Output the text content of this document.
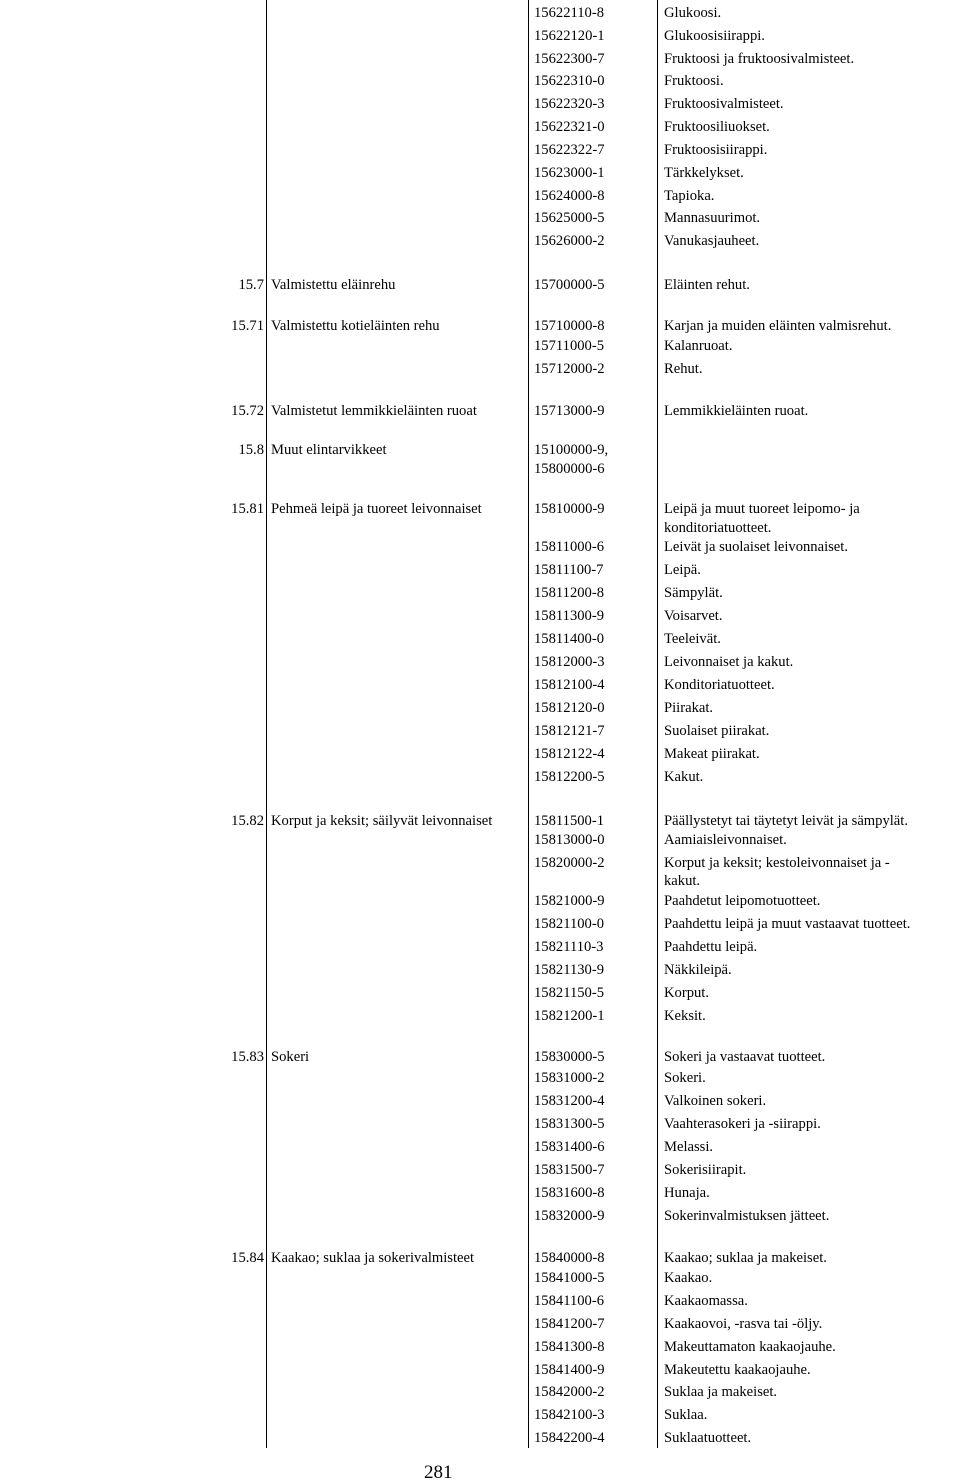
15622110-8	Glukoosi.
15622120-1	Glukoosisiirappi.
15622300-7	Fruktoosi ja fruktoosivalmisteet.
15622310-0	Fruktoosi.
15622320-3	Fruktoosivalmisteet.
15622321-0	Fruktoosiliuokset.
15622322-7	Fruktoosisiirappi.
15623000-1	Tärkkelykset.
15624000-8	Tapioka.
15625000-5	Mannasuurimot.
15626000-2	Vanukasjauheet.
15.7 Valmistettu eläinrehu	15700000-5	Eläinten rehut.
15.71 Valmistettu kotieläinten rehu	15710000-8	Karjan ja muiden eläinten valmisrehut.
15711000-5	Kalanruoat.
15712000-2	Rehut.
15.72 Valmistetut lemmikkieläinten ruoat	15713000-9	Lemmikkieläinten ruoat.
15.8 Muut elintarvikkeet	15100000-9,
15800000-6
15.81 Pehmeä leipä ja tuoreet leivonnaiset	15810000-9	Leipä ja muut tuoreet leipomo- ja
konditoriatuotteet.
15811000-6	Leivät ja suolaiset leivonnaiset.
15811100-7	Leipä.
15811200-8	Sämpylät.
15811300-9	Voisarvet.
15811400-0	Teeleivät.
15812000-3	Leivonnaiset ja kakut.
15812100-4	Konditoriatuotteet.
15812120-0	Piirakat.
15812121-7	Suolaiset piirakat.
15812122-4	Makeat piirakat.
15812200-5	Kakut.
15.82 Korput ja keksit; säilyvät leivonnaiset	15811500-1	Päällystetyt tai täytetyt leivät ja sämpylät.
15813000-0	Aamiaisleivonnaiset.
15820000-2	Korput ja keksit; kestoleivonnaiset ja -
kakut.
15821000-9	Paahdetut leipomotuotteet.
15821100-0	Paahdettu leipä ja muut vastaavat tuotteet.
15821110-3	Paahdettu leipä.
15821130-9	Näkkileipä.
15821150-5	Korput.
15821200-1	Keksit.
15.83 Sokeri	15830000-5	Sokeri ja vastaavat tuotteet.
15831000-2	Sokeri.
15831200-4	Valkoinen sokeri.
15831300-5	Vaahterasokeri ja -siirappi.
15831400-6	Melassi.
15831500-7	Sokerisiirapit.
15831600-8	Hunaja.
15832000-9	Sokerinvalmistuksen jätteet.
15.84 Kaakao; suklaa ja sokerivalmisteet	15840000-8	Kaakao; suklaa ja makeiset.
15841000-5	Kaakao.
15841100-6	Kaakaomassa.
15841200-7	Kaakaovoi, -rasva tai -öljy.
15841300-8	Makeuttamaton kaakaojauhe.
15841400-9	Makeutettu kaakaojauhe.
15842000-2	Suklaa ja makeiset.
15842100-3	Suklaa.
15842200-4	Suklaatuotteet.
281
